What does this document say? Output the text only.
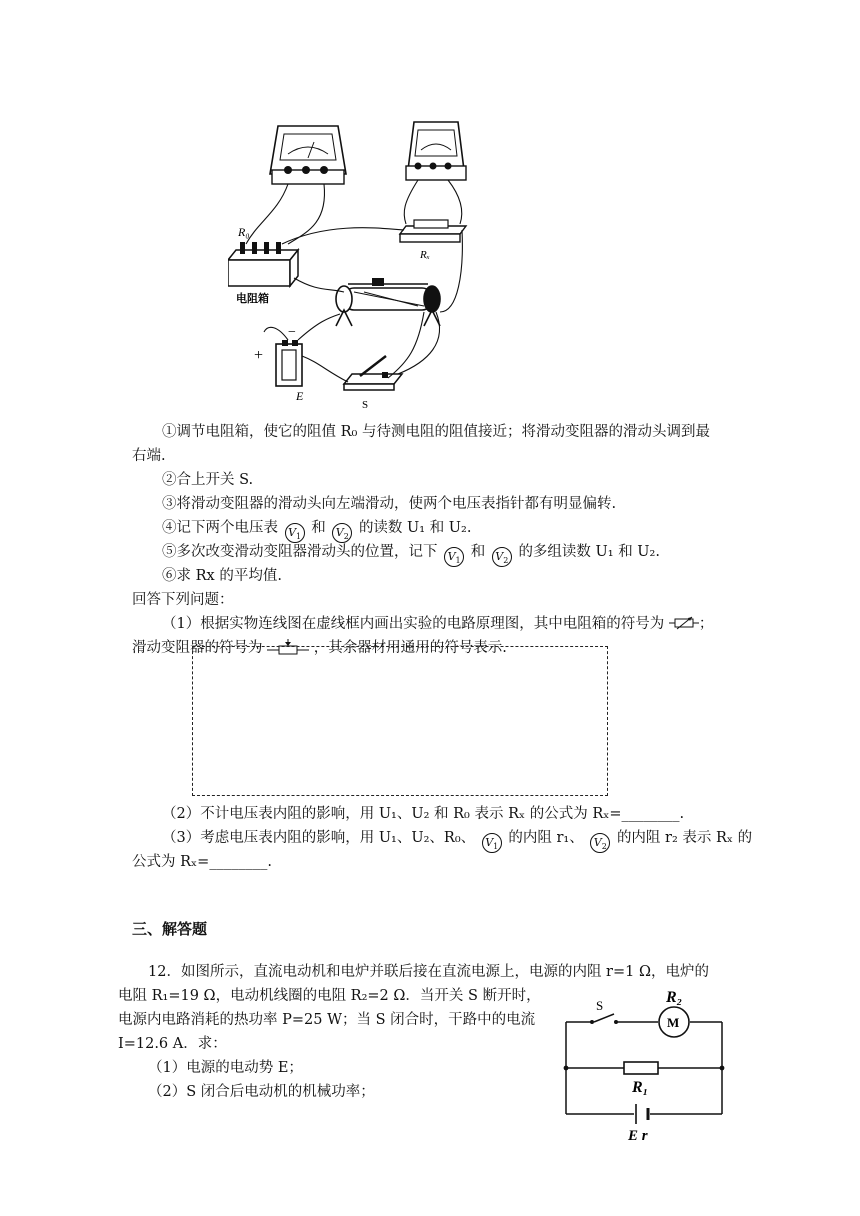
R₀
电阻箱
Rₓ
+
−
E
S
①调节电阻箱，使它的阻值 R₀ 与待测电阻的阻值接近；将滑动变阻器的滑动头调到最
右端.
②合上开关 S.
③将滑动变阻器的滑动头向左端滑动，使两个电压表指针都有明显偏转.
④记下两个电压表 $V_1$ 和 $V_2$ 的读数 U₁ 和 U₂.
⑤多次改变滑动变阻器滑动头的位置，记下 $V_1$ 和 $V_2$ 的多组读数 U₁ 和 U₂.
⑥求 Rx 的平均值.
回答下列问题：
（1）根据实物连线图在虚线框内画出实验的电路原理图，其中电阻箱的符号为 ；
滑动变阻器的符号为	，其余器材用通用的符号表示.
（2）不计电压表内阻的影响，用 U₁、U₂ 和 R₀ 表示 Rₓ 的公式为 Rₓ=________.
（3）考虑电压表内阻的影响，用 U₁、U₂、R₀、 $V_1$ 的内阻 r₁、 $V_2$ 的内阻 r₂ 表示 Rₓ 的
公式为 Rₓ=________.
三、解答题
12．如图所示，直流电动机和电炉并联后接在直流电源上，电源的内阻 r=1 Ω，电炉的
电阻 R₁=19 Ω，电动机线圈的电阻 R₂=2 Ω．当开关 S 断开时，
电源内电路消耗的热功率 P=25 W；当 S 闭合时，干路中的电流
I=12.6 A．求：
（1）电源的电动势 E；
（2）S 闭合后电动机的机械功率；
S	R₂
M
R₁
E r
